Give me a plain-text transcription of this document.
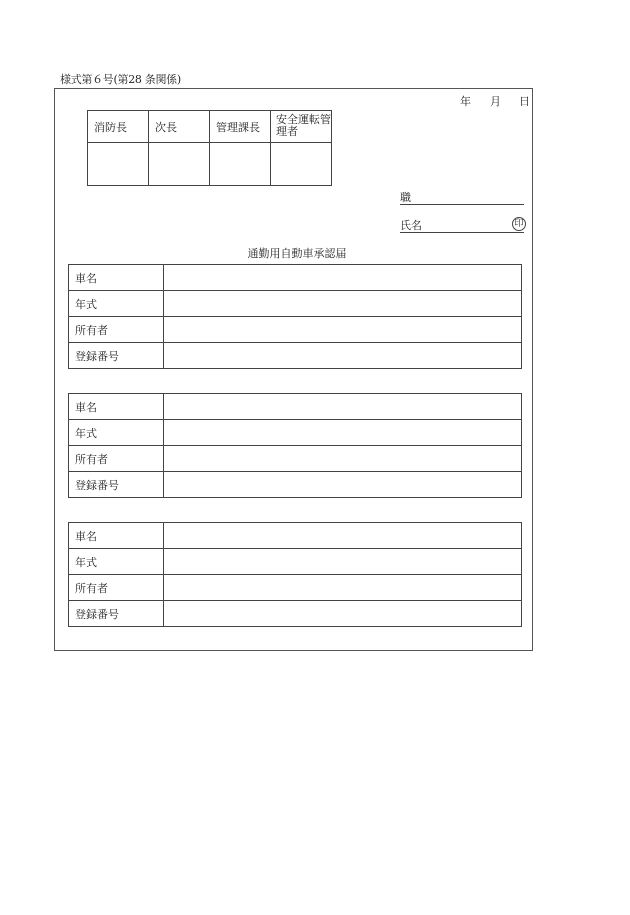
様式第６号(第28 条関係)
年 月 日
消防長	次長	管理課長	安全運転管
理者

職
氏名	印
通勤用自動車承認届
車名	
年式	
所有者	
登録番号	
車名	
年式	
所有者	
登録番号	
車名	
年式	
所有者	
登録番号	
